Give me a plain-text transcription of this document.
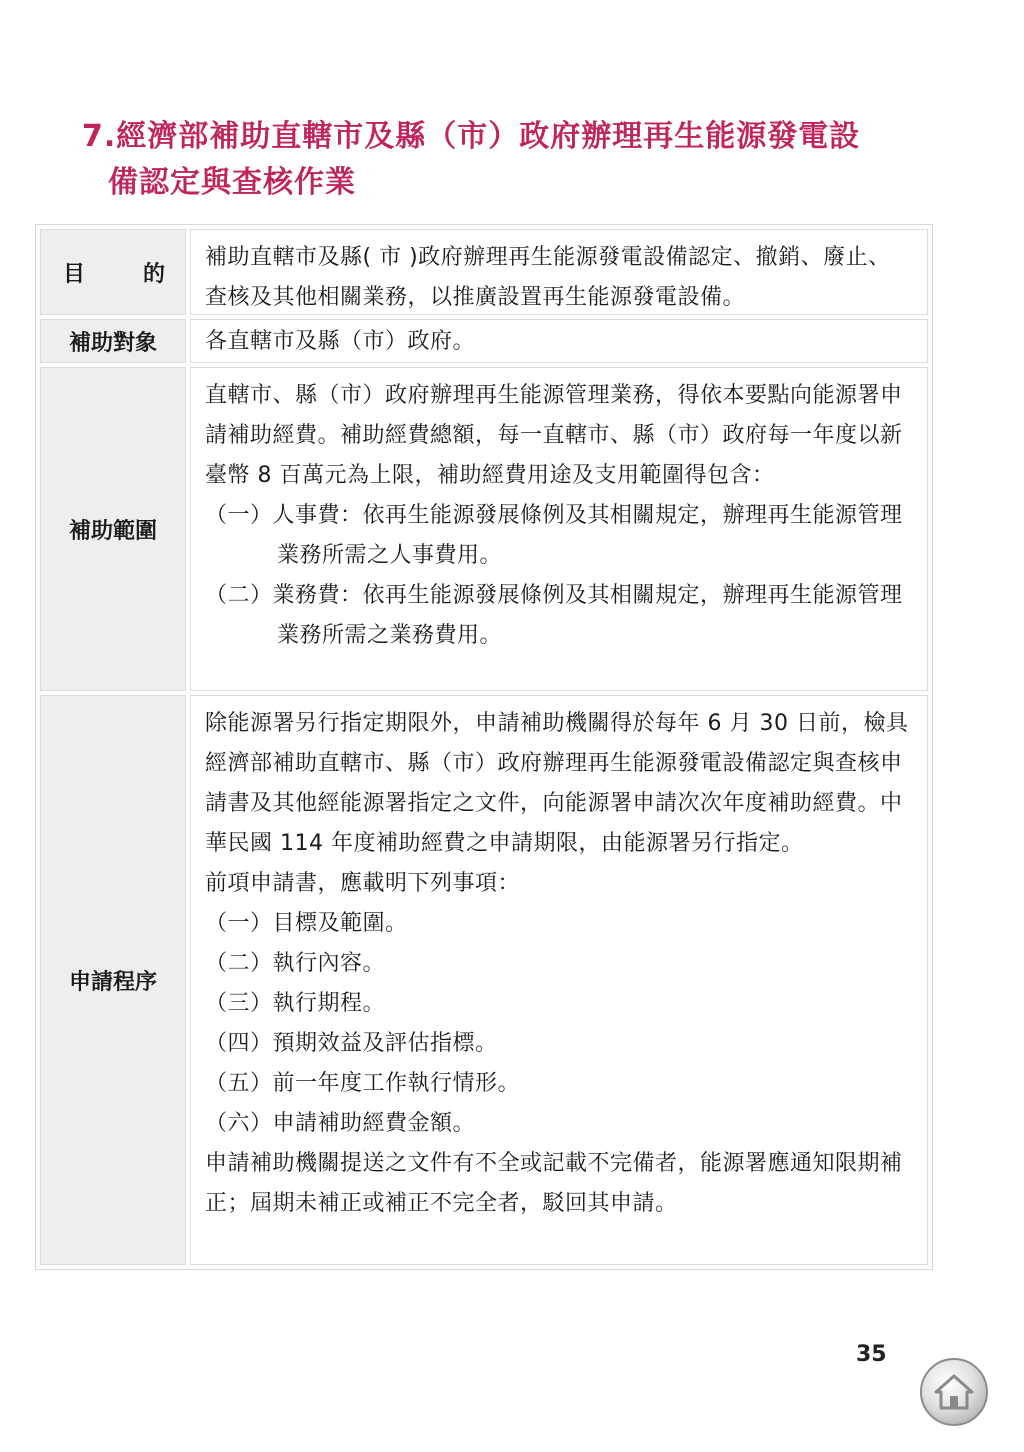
7.經濟部補助直轄市及縣（市）政府辦理再生能源發電設
備認定與查核作業
目	的

補助直轄市及縣( 市 )政府辦理再生能源發電設備認定、撤銷、廢止、查核及其他相關業務，以推廣設置再生能源發電設備。

補助對象	各直轄市及縣（市）政府。

補助範圍

直轄市、縣（市）政府辦理再生能源管理業務，得依本要點向能源署申請補助經費。補助經費總額，每一直轄市、縣（市）政府每一年度以新臺幣 8 百萬元為上限，補助經費用途及支用範圍得包含：

（一）人事費：依再生能源發展條例及其相關規定，辦理再生能源管理業務所需之人事費用。

（二）業務費：依再生能源發展條例及其相關規定，辦理再生能源管理業務所需之業務費用。

申請程序

除能源署另行指定期限外，申請補助機關得於每年 6 月 30 日前，檢具經濟部補助直轄市、縣（市）政府辦理再生能源發電設備認定與查核申請書及其他經能源署指定之文件，向能源署申請次次年度補助經費。中華民國 114 年度補助經費之申請期限，由能源署另行指定。

前項申請書，應載明下列事項：

（一）目標及範圍。

（二）執行內容。

（三）執行期程。

（四）預期效益及評估指標。

（五）前一年度工作執行情形。

（六）申請補助經費金額。

申請補助機關提送之文件有不全或記載不完備者，能源署應通知限期補正；屆期未補正或補正不完全者，駁回其申請。

35
